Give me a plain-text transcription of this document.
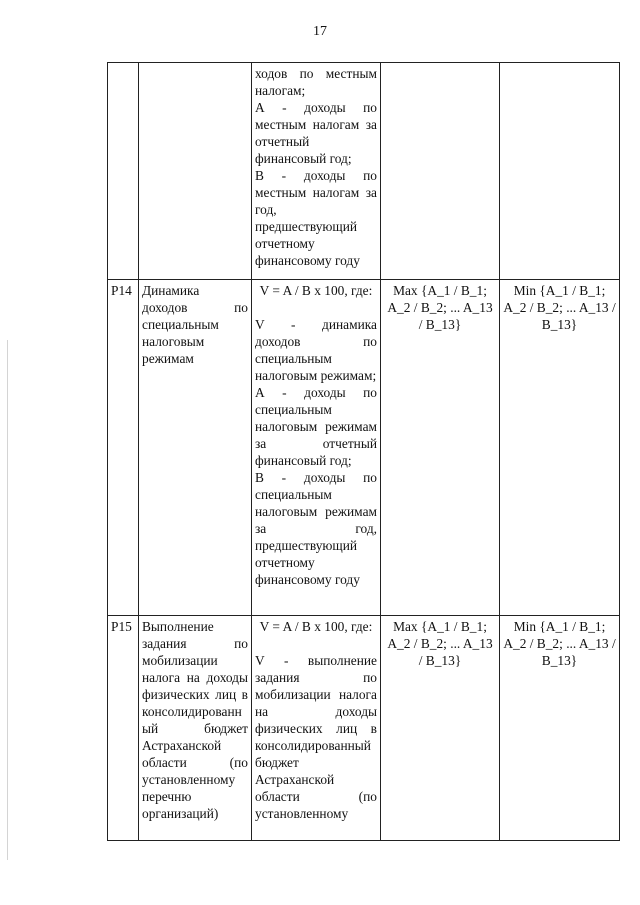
17

		ходов по местным налогам;
А - доходы по местным налогам за отчетный финансовый год;
В - доходы по местным налогам за год, предшествующий отчетному финансовому году		

Р14	Динамика доходов по специальным налоговым режимам	V = A / B x 100, где:
V - динамика доходов по специальным налоговым режимам;
А - доходы по специальным налоговым режимам за отчетный финансовый год;
В - доходы по специальным налоговым режимам за год, предшествующий отчетному финансовому году	Max {A_1 / B_1; A_2 / B_2; ... A_13 / B_13}	Min {A_1 / B_1; A_2 / B_2; ... A_13 / B_13}
Р15	Выполнение задания по мобилизации налога на доходы физических лиц в консолидированный бюджет Астраханской области (по установленному перечню организаций)	V = A / B x 100, где:
V - выполнение задания по мобилизации налога на доходы физических лиц в консолидированный бюджет Астраханской области (по установленному	Max {A_1 / B_1; A_2 / B_2; ... A_13 / B_13}	Min {A_1 / B_1; A_2 / B_2; ... A_13 / B_13}
